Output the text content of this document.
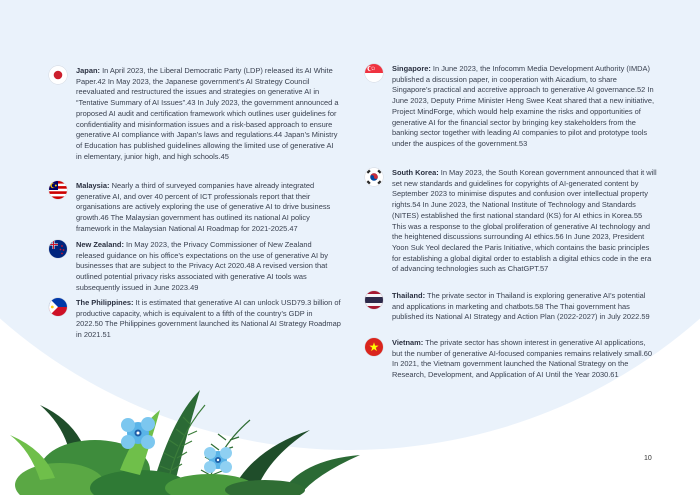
Japan: In April 2023, the Liberal Democratic Party (LDP) released its AI White Paper.42 In May 2023, the Japanese government’s AI Strategy Council reevaluated and restructured the issues and strategies on generative AI in “Tentative Summary of AI Issues”.43 In July 2023, the government announced a proposed AI audit and certification framework which outlines user guidelines for confidentiality and misinformation issues and a risk-based approach to ensure generative AI compliance with Japan’s laws and regulations.44 Japan’s Ministry of Education has published guidelines allowing the limited use of generative AI in elementary, junior high, and high schools.45

Malaysia: Nearly a third of surveyed companies have already integrated generative AI, and over 40 percent of ICT professionals report that their organisations are actively exploring the use of generative AI to drive business growth.46 The Malaysian government has outlined its national AI policy framework in the Malaysian National AI Roadmap for 2021-2025.47

New Zealand: In May 2023, the Privacy Commissioner of New Zealand released guidance on his office’s expectations on the use of generative AI by businesses that are subject to the Privacy Act 2020.48 A revised version that outlined potential privacy risks associated with generative AI tools was subsequently issued in June 2023.49

The Philippines: It is estimated that generative AI can unlock USD79.3 billion of productive capacity, which is equivalent to a fifth of the country’s GDP in 2022.50 The Philippines government launched its National AI Strategy Roadmap in 2021.51

Singapore: In June 2023, the Infocomm Media Development Authority (IMDA) published a discussion paper, in cooperation with Aicadium, to share Singapore’s practical and accretive approach to generative AI governance.52 In June 2023, Deputy Prime Minister Heng Swee Keat shared that a new initiative, Project MindForge, which would help examine the risks and opportunities of generative AI for the financial sector by bringing key stakeholders from the banking sector together with leading AI companies to pilot and prototype tools under the auspices of the government.53

South Korea: In May 2023, the South Korean government announced that it will set new standards and guidelines for copyrights of AI-generated content by September 2023 to minimise disputes and confusion over intellectual property rights.54 In June 2023, the National Institute of Technology and Standards (NITES) established the first national standard (KS) for AI ethics in Korea.55 This was a response to the global proliferation of generative AI technology and the heightened discussions surrounding AI ethics.56 In June 2023, President Yoon Suk Yeol declared the Paris Initiative, which contains the basic principles for establishing a global digital order to establish a digital ethics code in the era of advancing technologies such as ChatGPT.57

Thailand: The private sector in Thailand is exploring generative AI’s potential and applications in marketing and chatbots.58 The Thai government has published its National AI Strategy and Action Plan (2022-2027) in July 2022.59

Vietnam: The private sector has shown interest in generative AI applications, but the number of generative AI-focused companies remains relatively small.60 In 2021, the Vietnam government launched the National Strategy on the Research, Development, and Application of AI Until the Year 2030.61

10
